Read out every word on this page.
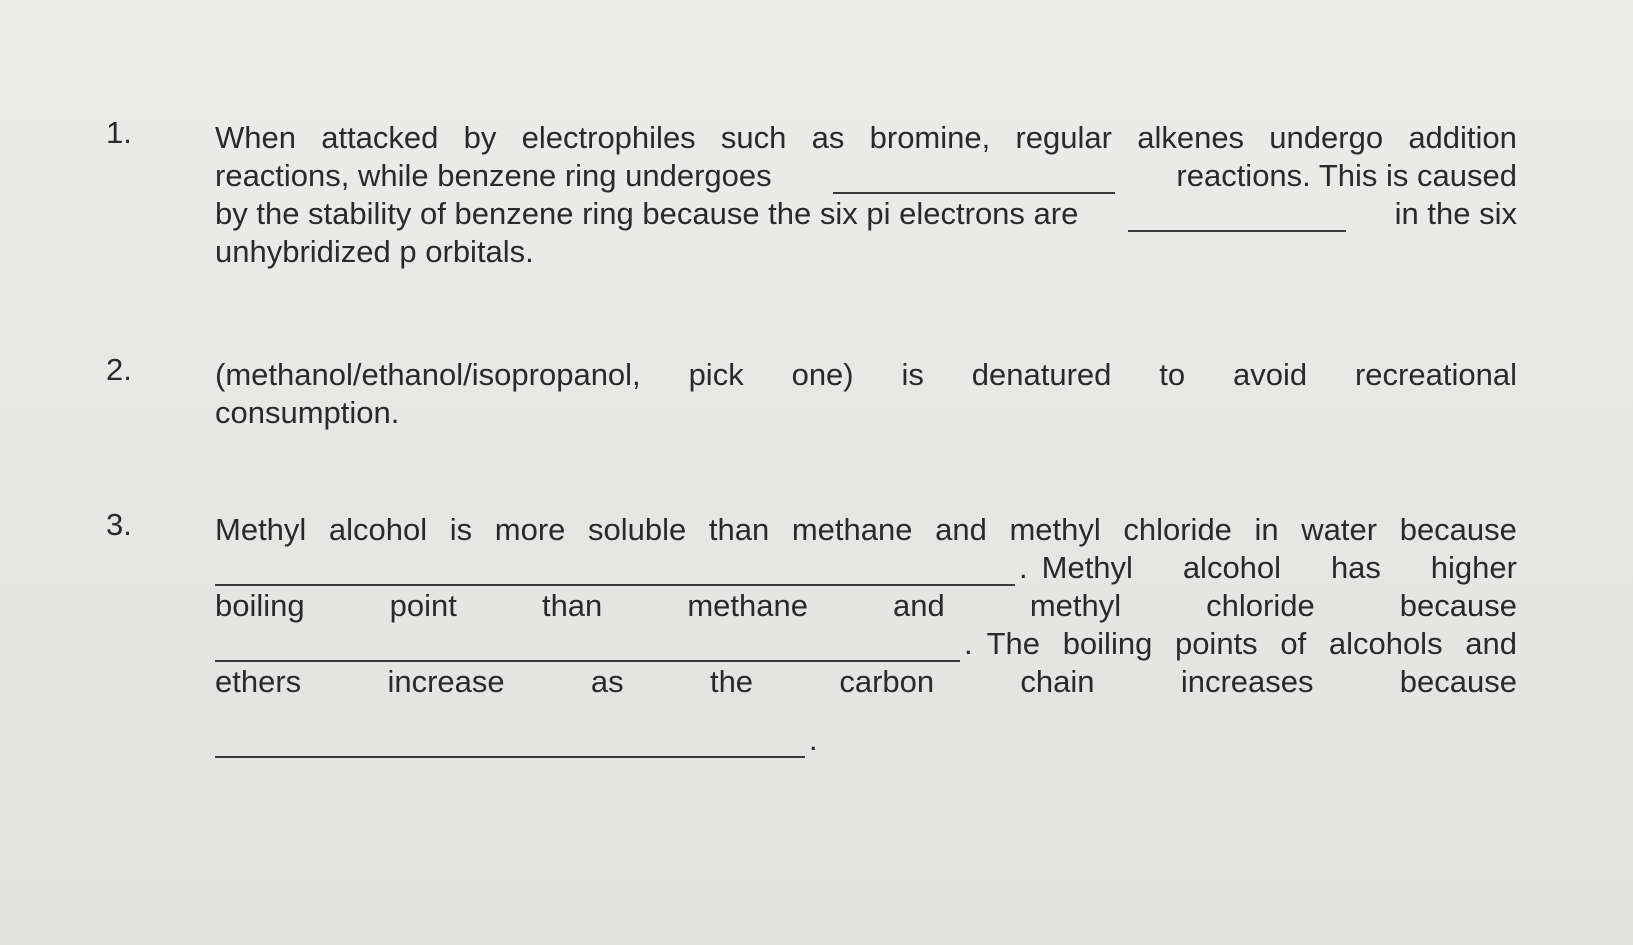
1.	When attacked by electrophiles such as bromine, regular alkenes undergo addition
reactions, while benzene ring undergoes	reactions. This is caused
by the stability of benzene ring because the six pi electrons are	in the six
unhybridized p orbitals.
2.	(methanol/ethanol/isopropanol, pick one) is denatured to avoid recreational
consumption.
3.	Methyl alcohol is more soluble than methane and methyl chloride in water because
. Methyl alcohol has higher
boiling	point	than	methane	and	methyl	chloride	because
. The boiling points of alcohols and
ethers	increase	as	the	carbon	chain	increases	because
.
